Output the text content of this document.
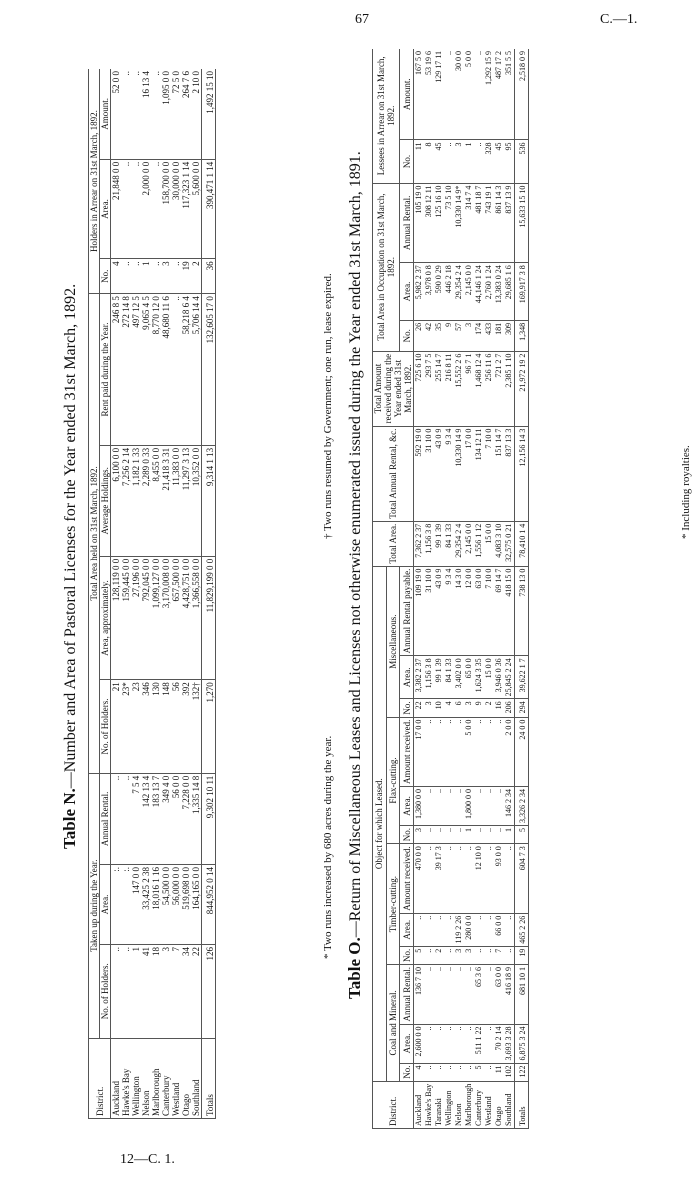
67	C.—1.
12—C. 1.
Table N.—Number and Area of Pastoral Licenses for the Year ended 31st March, 1892.
District.	Taken up during the Year.			Total Area held on 31st March, 1892.				Holders in Arrear on 31st March, 1892.		
	No. of Holders.	Area.	Annual Rental.	No. of Holders.	Area, approximately.	Average Holdings.	Rent paid during the Year.	No.	Area.	Amount.
Auckland	..	:.	..	21	128,119 0 0	6,100 0 0	246 8 5	4	21,848 0 0	52 0 0
Hawke's Bay	..	:.	..	23*	159,445 0 0	7,256 2 14	272 14 8	..	..	..
Wellington	1	147 0 0	7 5 4	23	27,196 0 0	1,182 1 33	497 12 5	..	..	..
Nelson	41	33,425 2 38	142 13 4	346	792,045 0 0	2,289 0 33	9,065 4 5	1	2,000 0 0	16 13 4
Marlborough	18	18,016 1 16	183 13 7	130	1,099,127 0 0	8,455 0 0	8,770 12 0	..	..	..
Canterbury	3	54,500 0 0	349 4 0	148	3,170,008 0 0	21,418 3 31	48,680 11 6	3	158,700 0 0	1,095 0 0
Westland	7	56,000 0 0	56 0 0	56	657,500 0 0	11,383 0 0	..	..	30,000 0 0	72 5 0
Otago	34	519,698 0 0	7,228 0 0	392	4,428,751 0 0	11,297 3 13	58,218 6 4	19	117,323 1 14	264 7 6
Southland	22	164,165 0 0	1,335 14 8	132†	1,366,558 0 0	10,352 0 0	5,706 14 4	2	5,600 0 0	2 10 0
Totals	126	844,952 0 14	9,302 10 11	1,270	11,829,199 0 0	9,314 1 13	132,605 17 0	36	390,471 1 14	1,492 15 10
* Two runs increased by 680 acres during the year.
† Two runs resumed by Government; one run, lease expired.
Table O.—Return of Miscellaneous Leases and Licenses not otherwise enumerated issued during the Year ended 31st March, 1891.
District.	Object for which Leased.												Total Area.	Total Annual Rental, &c.	Total Amount received during the Year ended 31st March, 1892.	Total Area in Occupation on 31st March, 1892.			Lessees in Arrear on 31st March, 1892.	
	Coal and Mineral.			Timber-cutting.			Flax-cutting.			Miscellaneous.										
	No.	Area.	Annual Rental.	No.	Area.	Amount received.	No.	Area.	Amount received.	No.	Area.	Annual Rental payable.				No.	Area.	Annual Rental.	No.	Amount.
Auckland	4	2,600 0 0	136 7 10	5	..	470 0 0	3	1,380 0 0	17 0 0	22	3,382 2 37	109 19 0	7,362 2 37	592 19 0	725 6 10	26	5,982 2 37	105 19 0	11	167 5 0
Hawke's Bay	..	..	..	..	..	..	..	..	..	3	1,156 3 8	31 10 0	1,156 3 8	31 10 0	293 7 5	42	3,978 0 8	308 12 11	8	53 19 6
Taranaki	..	..	..	2	..	39 17 3	..	..	..	10	99 1 39	43 0 9	99 1 39	43 0 9	255 14 7	35	590 0 29	125 16 10	45	129 17 11
Wellington	..	..	..	..	..	..	..	..	..	4	84 1 33	9 3 4	84 1 33	9 3 4	216 8 11	9	446 2 18	73 5 10	..	..
Nelson	..	..	..	3	119 2 26	..	..	..	..	6	3,402 0 0	14 3 0	29,354 2 4	10,330 14 9	15,552 2 6	57	29,354 2 4	10,330 14 9*	3	30 0 0
Marlborough	..	..	..	3	280 0 0	..	1	1,800 0 0	5 0 0	3	65 0 0	12 0 0	2,145 0 0	17 0 0	96 7 1	3	2,145 0 0	314 7 4	1	5 0 0
Canterbury	5	511 1 22	65 3 6	..	..	12 10 0	..	..	..	9	1,624 3 35	63 0 0	1,556 1 12	134 12 11	1,468 12 4	174	44,146 1 24	481 18 7	..	..
Westland	..	..	..	..	..	..	..	..	..	2	15 0 0	7 10 0	15 0 0	7 10 0	256 11 6	433	2,760 1 24	743 19 1	328	1,292 15 9
Otago	11	70 2 14	63 0 0	7	66 0 0	93 0 0	..	..	..	16	3,946 0 36	69 14 7	4,083 3 10	151 14 7	721 2 7	181	13,383 0 24	861 14 3	45	487 17 2
Southland	102	3,693 3 28	416 18 9	..	..	..	1	146 2 34	2 0 0	206	25,845 2 24	418 15 0	32,575 0 21	837 13 3	2,385 1 10	309	29,685 1 6	837 13 9	95	351 5 5
Totals	122	6,875 3 24	681 10 1	19	465 2 26	604 7 3	5	3,326 2 34	24 0 0	294	39,622 1 7	738 13 0	78,410 1 4	12,156 14 3	21,972 19 2	1,348	169,917 3 8	15,633 15 10	536	2,518 0 9
* Including royalties.
